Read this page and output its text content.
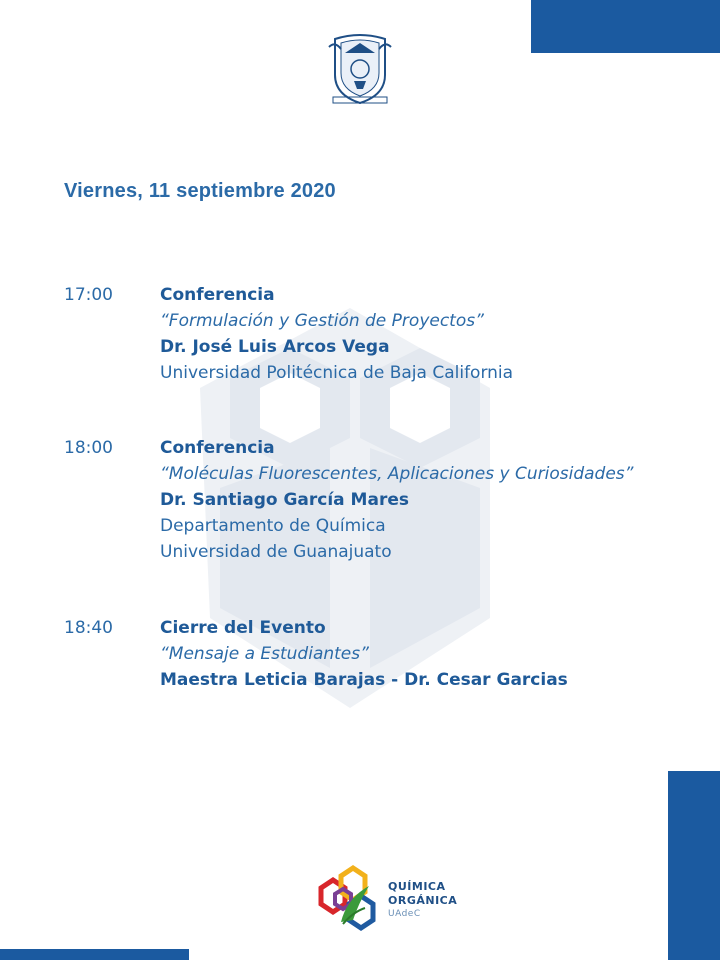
Viernes, 11 septiembre 2020
17:00	Conferencia
“Formulación y Gestión de Proyectos”
Dr. José Luis Arcos Vega
Universidad Politécnica de Baja California
18:00	Conferencia
“Moléculas Fluorescentes, Aplicaciones y Curiosidades”
Dr. Santiago García Mares
Departamento de Química
Universidad de Guanajuato
18:40	Cierre del Evento
“Mensaje a Estudiantes”
Maestra Leticia Barajas - Dr. Cesar Garcias
QUÍMICA
ORGÁNICA
UAdeC
